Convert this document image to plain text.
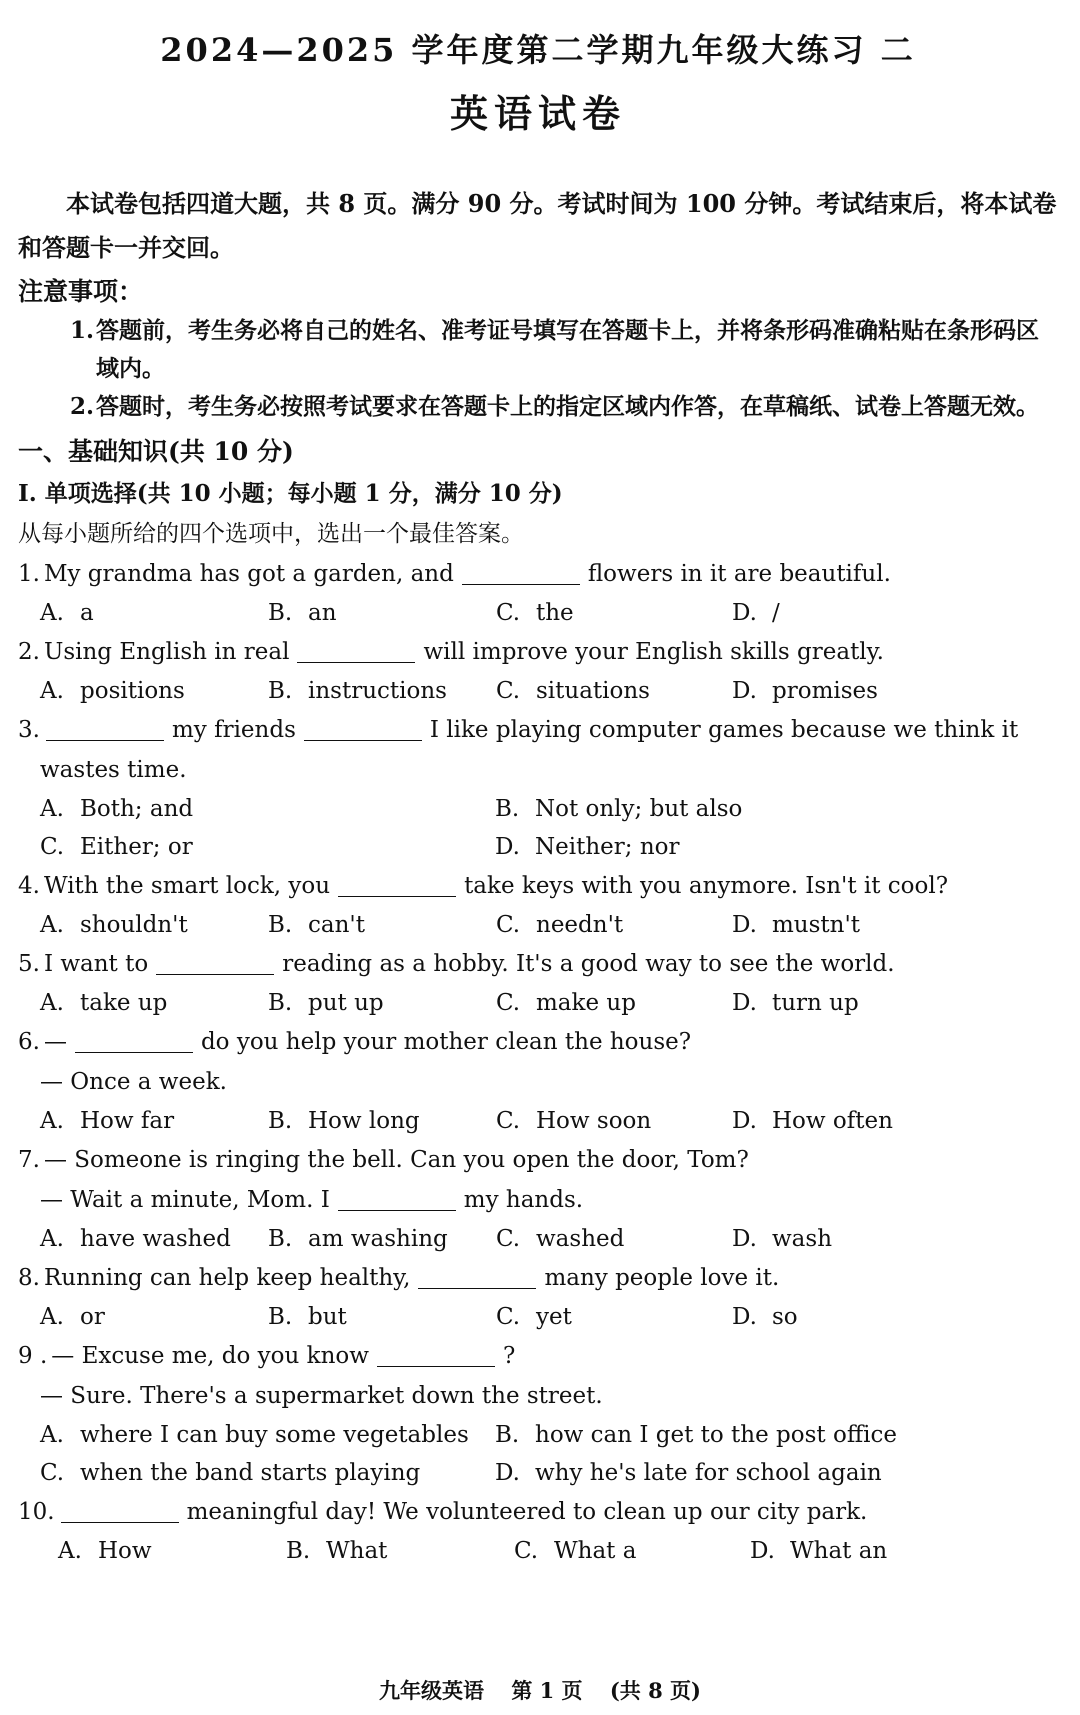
2024—2025 学年度第二学期九年级大练习 二
英语试卷
本试卷包括四道大题，共 8 页。满分 90 分。考试时间为 100 分钟。考试结束后，将本试卷和答题卡一并交回。
注意事项：
1. 答题前，考生务必将自己的姓名、准考证号填写在答题卡上，并将条形码准确粘贴在条形码区域内。
2. 答题时，考生务必按照考试要求在答题卡上的指定区域内作答，在草稿纸、试卷上答题无效。
一、基础知识(共 10 分)
I. 单项选择(共 10 小题；每小题 1 分，满分 10 分)
从每小题所给的四个选项中，选出一个最佳答案。
1. My grandma has got a garden, and	flowers in it are beautiful.
A. a	B. an	C. the	D. /
2. Using English in real	will improve your English skills greatly.
A. positions	B. instructions	C. situations	D. promises
3.	my friends	I like playing computer games because we think it
wastes time.
A. Both; and	B. Not only; but also
C. Either; or	D. Neither; nor
4. With the smart lock, you	take keys with you anymore. Isn't it cool?
A. shouldn't	B. can't	C. needn't	D. mustn't
5. I want to	reading as a hobby. It's a good way to see the world.
A. take up	B. put up	C. make up	D. turn up
6. —	do you help your mother clean the house?
— Once a week.
A. How far	B. How long	C. How soon	D. How often
7. — Someone is ringing the bell. Can you open the door, Tom?
— Wait a minute, Mom. I	my hands.
A. have washed	B. am washing	C. washed	D. wash
8. Running can help keep healthy,	many people love it.
A. or	B. but	C. yet	D. so
9 . — Excuse me, do you know	?
— Sure. There's a supermarket down the street.
A. where I can buy some vegetables	B. how can I get to the post office
C. when the band starts playing	D. why he's late for school again
10.	meaningful day! We volunteered to clean up our city park.
A. How	B. What	C. What a	D. What an
九年级英语 第 1 页 (共 8 页)
